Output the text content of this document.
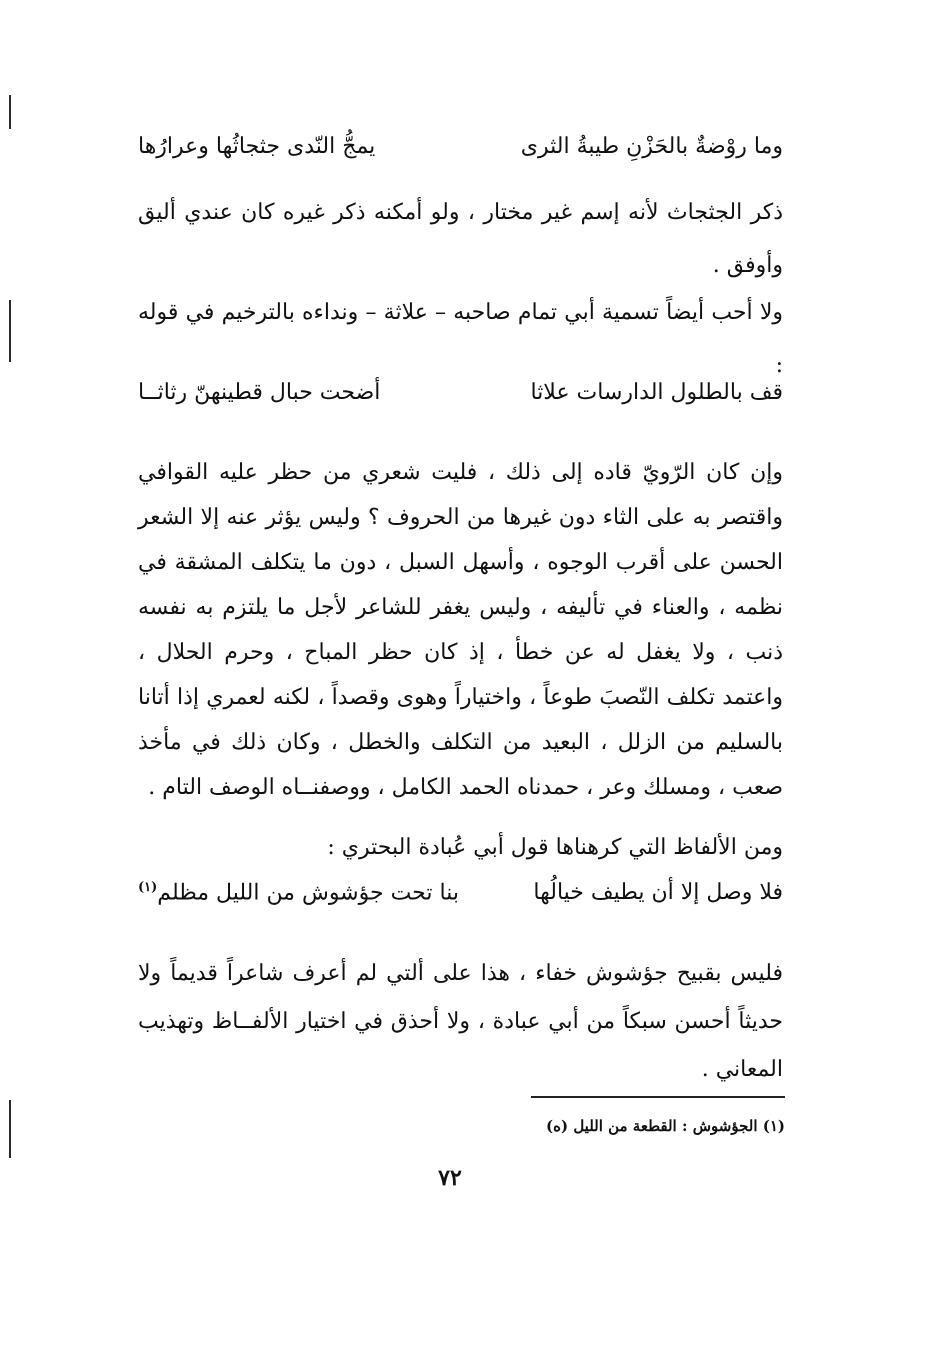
وما روْضةٌ بالحَزْنِ طيبةُ الثرى
يمجُّ النّدى جثجاثُها وعرارُها
ذكر الجثجاث لأنه إسم غير مختار ، ولو أمكنه ذكر غيره كان عندي أليق وأوفق .
ولا أحب أيضاً تسمية أبي تمام صاحبه – علاثة – ونداءه بالترخيم في قوله :
قف بالطلول الدارسات علاثا
أضحت حبال قطينهنّ رثاثــا
وإن كان الرّويّ قاده إلى ذلك ، فليت شعري من حظر عليه القوافي واقتصر به على الثاء دون غيرها من الحروف ؟ وليس يؤثر عنه إلا الشعر الحسن على أقرب الوجوه ، وأسهل السبل ، دون ما يتكلف المشقة في نظمه ، والعناء في تأليفه ، وليس يغفر للشاعر لأجل ما يلتزم به نفسه ذنب ، ولا يغفل له عن خطأ ، إذ كان حظر المباح ، وحرم الحلال ، واعتمد تكلف النّصبَ طوعاً ، واختياراً وهوى وقصداً ، لكنه لعمري إذا أتانا بالسليم من الزلل ، البعيد من التكلف والخطل ، وكان ذلك في مأخذ صعب ، ومسلك وعر ، حمدناه الحمد الكامل ، ووصفنــاه الوصف التام .
ومن الألفاظ التي كرهناها قول أبي عُبادة البحتري :
فلا وصل إلا أن يطيف خيالُها
بنا تحت جؤشوش من الليل مظلم$^{(١)}$
فليس بقبيح جؤشوش خفاء ، هذا على ألتي لم أعرف شاعراً قديماً ولا حديثاً أحسن سبكاً من أبي عبادة ، ولا أحذق في اختيار الألفــاظ وتهذيب المعاني .
(١) الجؤشوش : القطعة من الليل (ه)
٧٢
